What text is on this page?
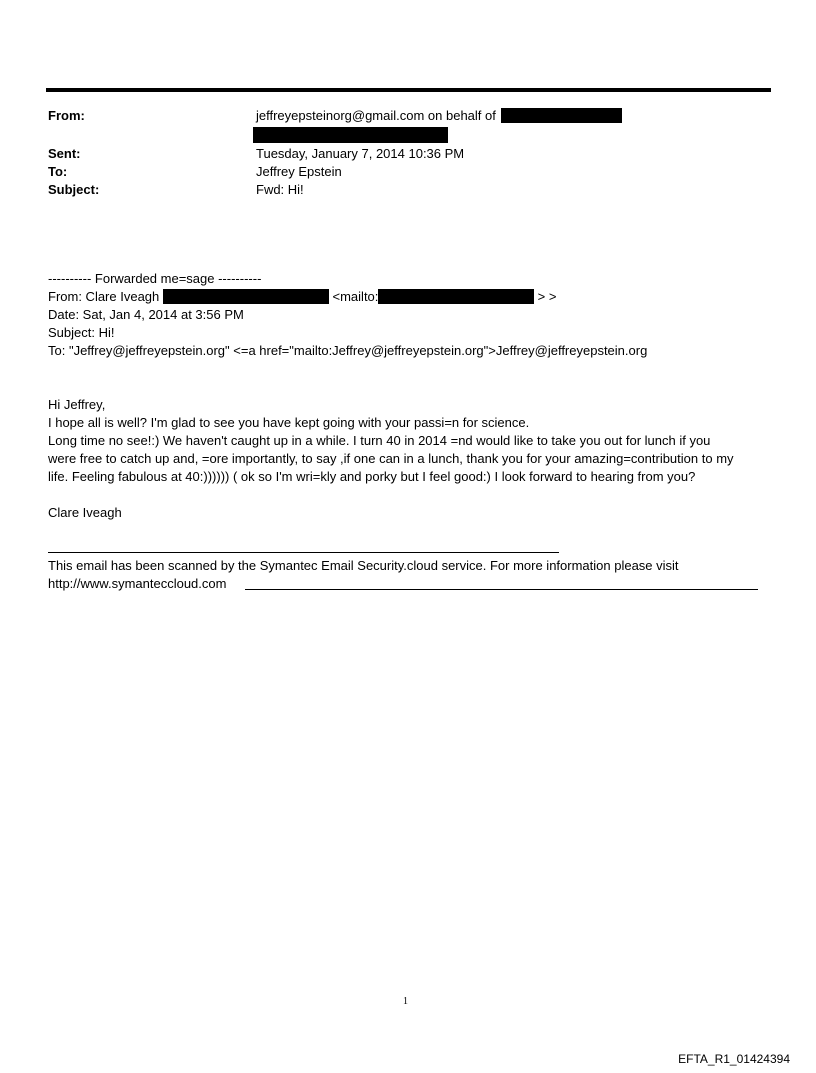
From:	jeffreyepsteinorg@gmail.com on behalf of
Sent:	Tuesday, January 7, 2014 10:36 PM
To:	Jeffrey Epstein
Subject:	Fwd: Hi!
---------- Forwarded me=sage ----------
From: Clare Iveagh	<mailto:	> >
Date: Sat, Jan 4, 2014 at 3:56 PM
Subject: Hi!
To: "Jeffrey@jeffreyepstein.org" <=a href="mailto:Jeffrey@jeffreyepstein.org">Jeffrey@jeffreyepstein.org
Hi Jeffrey,
I hope all is well? I'm glad to see you have kept going with your passi=n for science.
Long time no see!:) We haven't caught up in a while. I turn 40 in 2014 =nd would like to take you out for lunch if you
were free to catch up and, =ore importantly, to say ,if one can in a lunch, thank you for your amazing=contribution to my
life. Feeling fabulous at 40:)))))) ( ok so I'm wri=kly and porky but I feel good:) I look forward to hearing from you?
Clare Iveagh
This email has been scanned by the Symantec Email Security.cloud service. For more information please visit
http://www.symanteccloud.com
1
EFTA_R1_01424394
